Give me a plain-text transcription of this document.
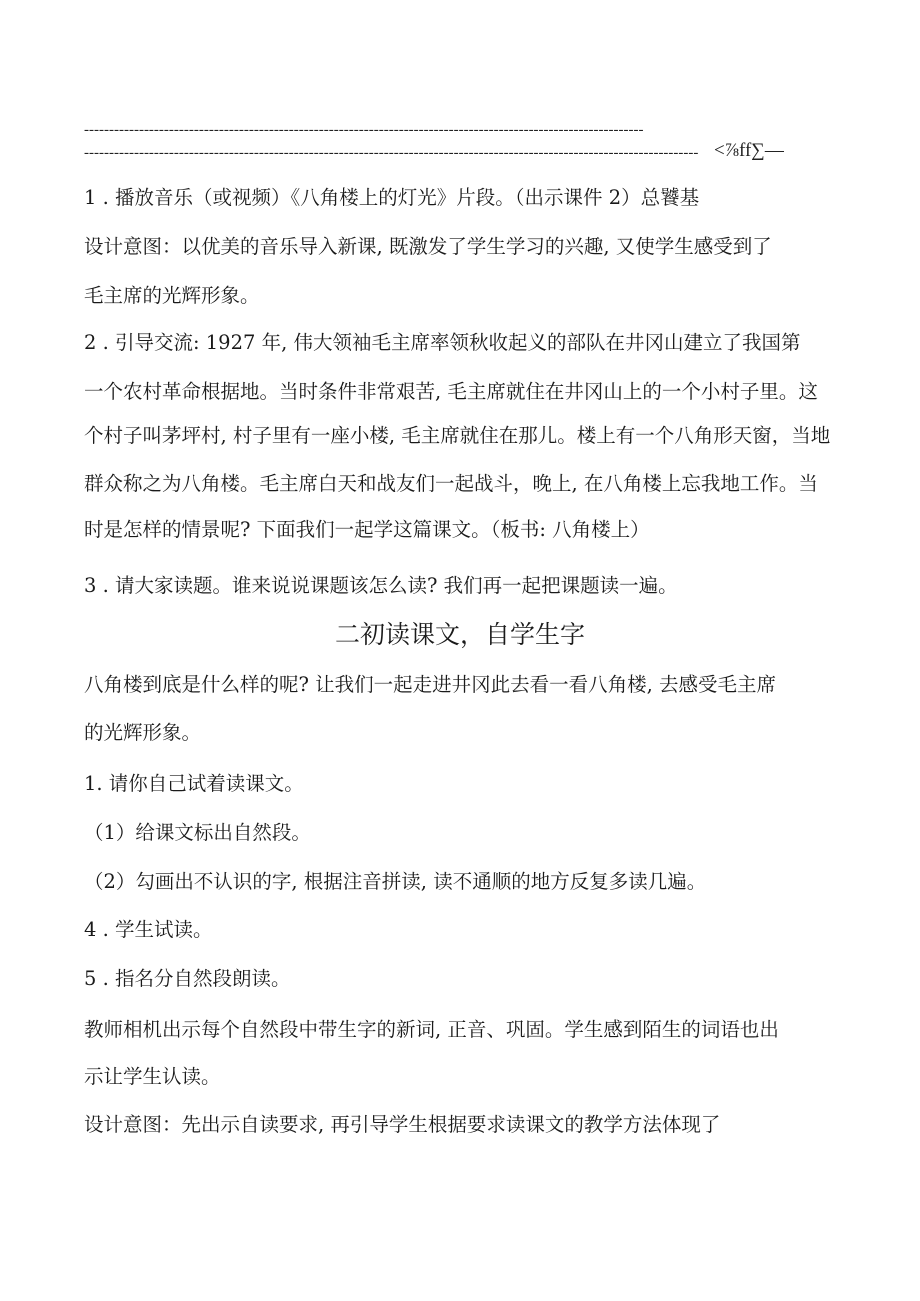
----------------------------------------------------------------------------------------------------------------
--------------------------------------------------------------------------------------------------------------------------- <⅞ff∑—
1 . 播放音乐（或视频）《八角楼上的灯光》片段。（出示课件 2）总饕基
设计意图：以优美的音乐导入新课, 既激发了学生学习的兴趣, 又使学生感受到了
毛主席的光辉形象。
2 . 引导交流: 1927 年, 伟大领袖毛主席率领秋收起义的部队在井冈山建立了我国第
一个农村革命根据地。当时条件非常艰苦, 毛主席就住在井冈山上的一个小村子里。这
个村子叫茅坪村, 村子里有一座小楼, 毛主席就住在那儿。楼上有一个八角形天窗，当地
群众称之为八角楼。毛主席白天和战友们一起战斗，晚上, 在八角楼上忘我地工作。当
时是怎样的情景呢? 下面我们一起学这篇课文。（板书: 八角楼上）
3 . 请大家读题。谁来说说课题该怎么读? 我们再一起把课题读一遍。
二初读课文，自学生字
八角楼到底是什么样的呢? 让我们一起走进井冈此去看一看八角楼, 去感受毛主席
的光辉形象。
1. 请你自己试着读课文。
（1）给课文标出自然段。
（2）勾画出不认识的字, 根据注音拼读, 读不通顺的地方反复多读几遍。
4 . 学生试读。
5 . 指名分自然段朗读。
教师相机出示每个自然段中带生字的新词, 正音、巩固。学生感到陌生的词语也出
示让学生认读。
设计意图：先出示自读要求, 再引导学生根据要求读课文的教学方法体现了
